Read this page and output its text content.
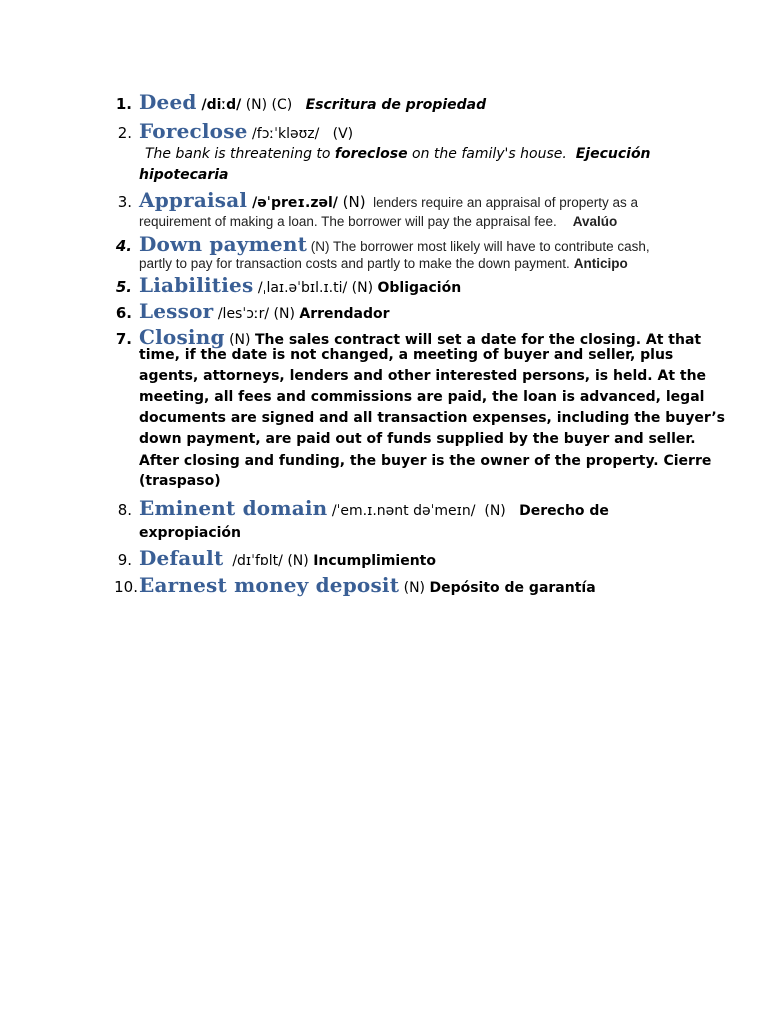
1. Deed /diːd/ (N) (C)   Escritura de propiedad
2. Foreclose /fɔːˈkləʊz/   (V)
The bank is threatening to foreclose on the family's house.  Ejecución
hipotecaria
3. Appraisal /əˈpreɪ.zəl/ (N)  lenders require an appraisal of property as a
requirement of making a loan. The borrower will pay the appraisal fee. Avalúo
4. Down payment (N) The borrower most likely will have to contribute cash,
partly to pay for transaction costs and partly to make the down payment. Anticipo
5. Liabilities /ˌlaɪ.əˈbɪl.ɪ.ti/ (N) Obligación
6. Lessor /lesˈɔːr/ (N) Arrendador
7. Closing (N) The sales contract will set a date for the closing. At that
time, if the date is not changed, a meeting of buyer and seller, plus
agents, attorneys, lenders and other interested persons, is held. At the
meeting, all fees and commissions are paid, the loan is advanced, legal
documents are signed and all transaction expenses, including the buyer’s
down payment, are paid out of funds supplied by the buyer and seller.
After closing and funding, the buyer is the owner of the property. Cierre
(traspaso)
8. Eminent domain /ˈem.ɪ.nənt dəˈmeɪn/  (N)   Derecho de
expropiación
9. Default  /dɪˈfɒlt/ (N) Incumplimiento
10. Earnest money deposit (N) Depósito de garantía
